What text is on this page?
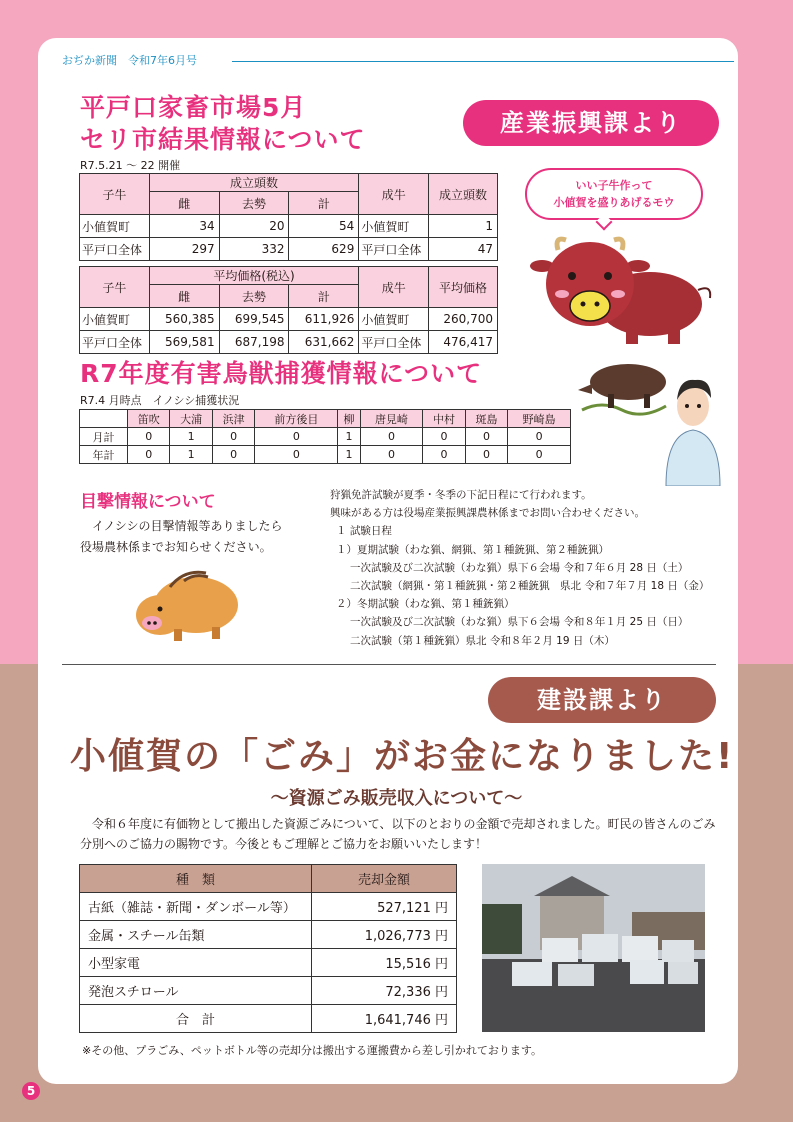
おぢか新聞　令和7年6月号
平戸口家畜市場5月
セリ市結果情報について
産業振興課より
R7.5.21 ～ 22 開催
子牛	成立頭数			成牛	成立頭数
	雌	去勢	計		
小値賀町	34	20	54	小値賀町	1
平戸口全体	297	332	629	平戸口全体	47
子牛	平均価格(税込)			成牛	平均価格
	雌	去勢	計		
小値賀町	560,385	699,545	611,926	小値賀町	260,700
平戸口全体	569,581	687,198	631,662	平戸口全体	476,417
いい子牛作って
小値賀を盛りあげるモウ
R7年度有害鳥獣捕獲情報について
R7.4 月時点　イノシシ捕獲状況
	笛吹	大浦	浜津	前方後目	柳	唐見崎	中村	斑島	野崎島
月計	0	1	0	0	1	0	0	0	0
年計	0	1	0	0	1	0	0	0	0
目撃情報について
イノシシの目撃情報等ありましたら
役場農林係までお知らせください。
狩猟免許試験が夏季・冬季の下記日程にて行われます。
興味がある方は役場産業振興課農林係までお問い合わせください。
１ 試験日程
１）夏期試験（わな猟、網猟、第１種銃猟、第２種銃猟）
一次試験及び二次試験（わな猟）県下６会場 令和７年６月 28 日（土）
二次試験（網猟・第１種銃猟・第２種銃猟　県北 令和７年７月 18 日（金）
２）冬期試験（わな猟、第１種銃猟）
一次試験及び二次試験（わな猟）県下６会場 令和８年１月 25 日（日）
二次試験（第１種銃猟）県北 令和８年２月 19 日（木）
建設課より
小値賀の「ごみ」がお金になりました!
～資源ごみ販売収入について～
令和６年度に有価物として搬出した資源ごみについて、以下のとおりの金額で売却されました。町民の皆さんのごみ分別へのご協力の賜物です。今後ともご理解とご協力をお願いいたします！
種　類	売却金額
古紙（雑誌・新聞・ダンボール等）	527,121 円
金属・スチール缶類	1,026,773 円
小型家電	15,516 円
発泡スチロール	72,336 円
合　計	1,641,746 円
※その他、プラごみ、ペットボトル等の売却分は搬出する運搬費から差し引かれております。
5
